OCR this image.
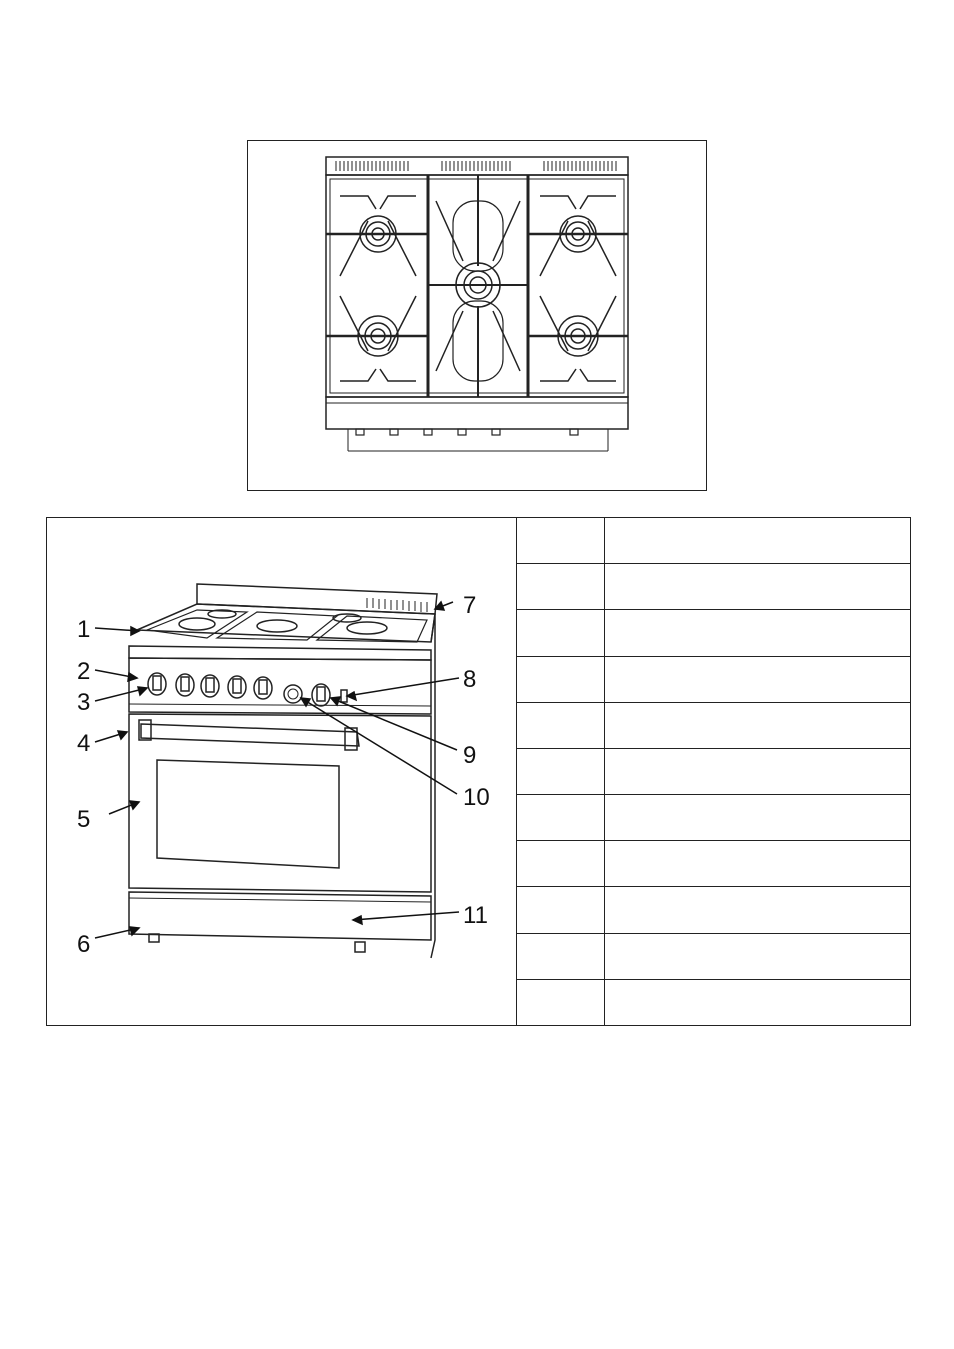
1
2
3
4
5
6
7
8
9
10
11
